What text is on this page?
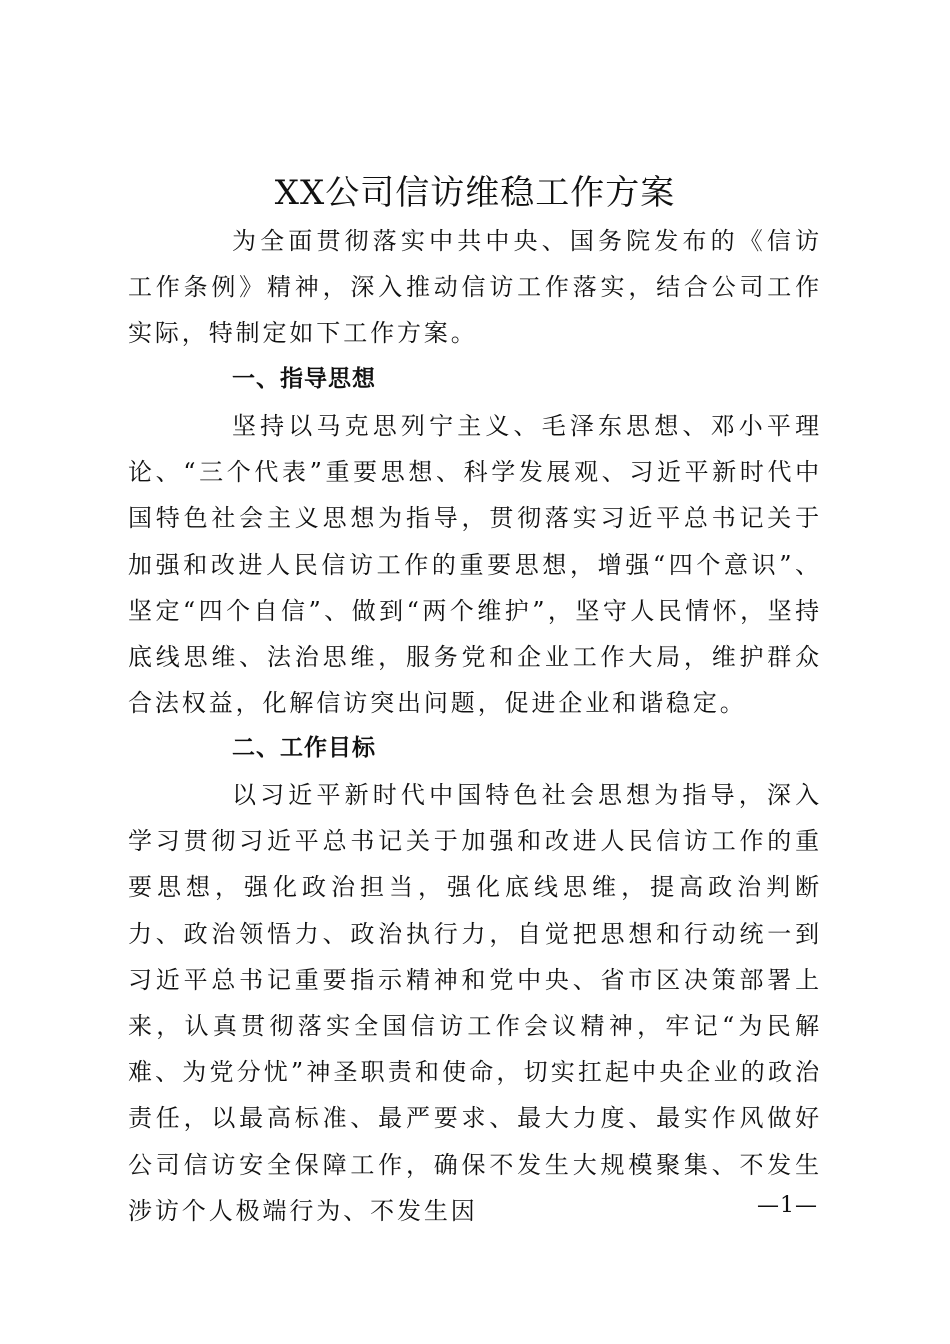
XX公司信访维稳工作方案

为全面贯彻落实中共中央、国务院发布的《信访工作条例》精神，深入推动信访工作落实，结合公司工作实际，特制定如下工作方案。

一、指导思想

坚持以马克思列宁主义、毛泽东思想、邓小平理论、“三个代表”重要思想、科学发展观、习近平新时代中国特色社会主义思想为指导，贯彻落实习近平总书记关于加强和改进人民信访工作的重要思想，增强“四个意识”、坚定“四个自信”、做到“两个维护”，坚守人民情怀，坚持底线思维、法治思维，服务党和企业工作大局，维护群众合法权益，化解信访突出问题，促进企业和谐稳定。

二、工作目标

以习近平新时代中国特色社会思想为指导，深入学习贯彻习近平总书记关于加强和改进人民信访工作的重要思想，强化政治担当，强化底线思维，提高政治判断力、政治领悟力、政治执行力，自觉把思想和行动统一到习近平总书记重要指示精神和党中央、省市区决策部署上来，认真贯彻落实全国信访工作会议精神，牢记“为民解难、为党分忧”神圣职责和使命，切实扛起中央企业的政治责任，以最高标准、最严要求、最大力度、最实作风做好公司信访安全保障工作，确保不发生大规模聚集、不发生涉访个人极端行为、不发生因	—1—
